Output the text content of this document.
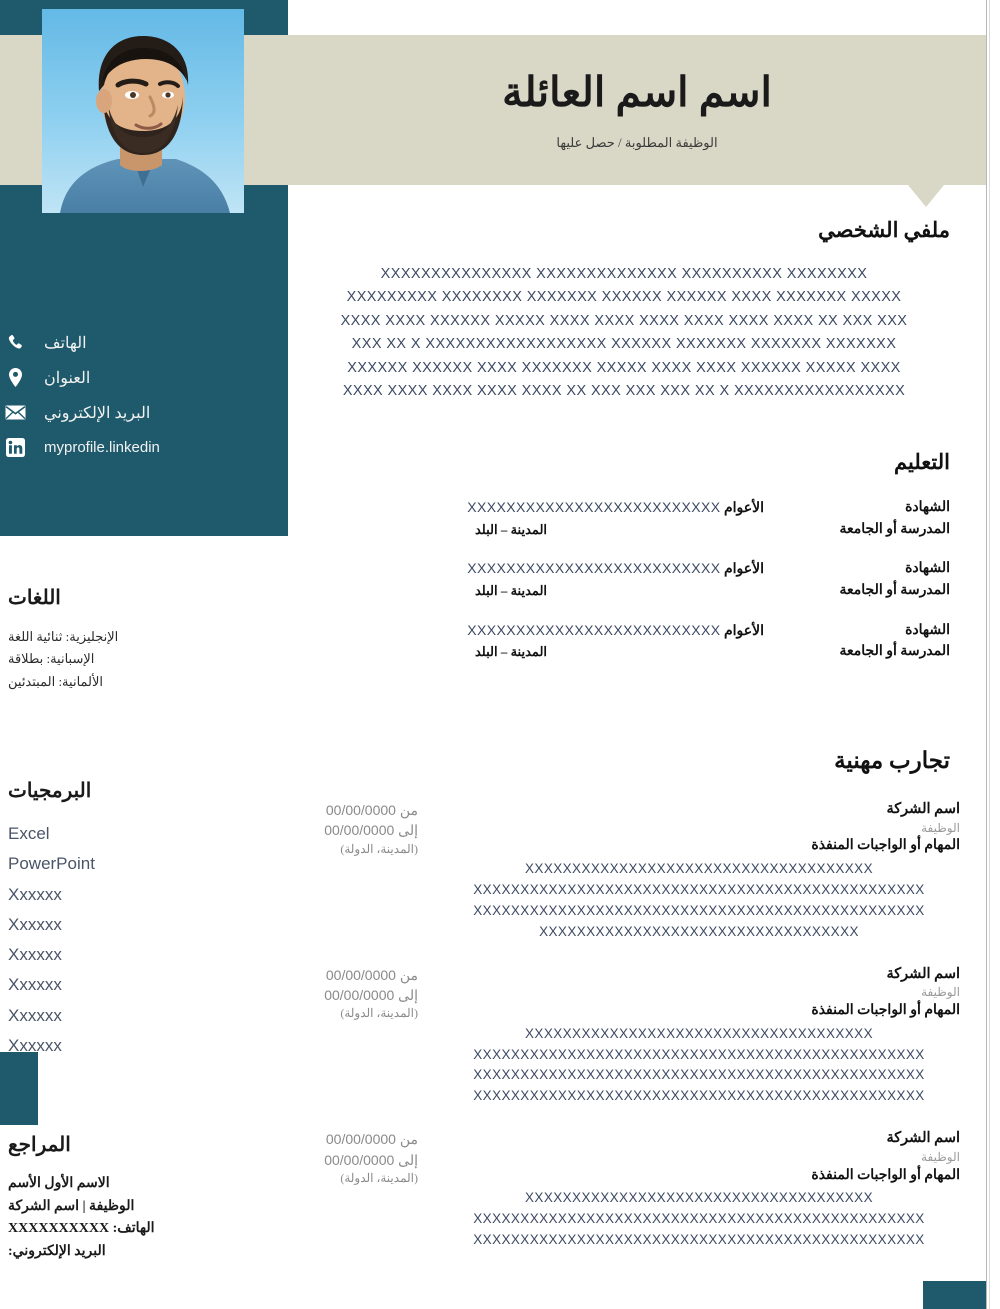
اسم اسم العائلة
الوظيفة المطلوبة / حصل عليها
الهاتف
العنوان
البريد الإلكتروني
myprofile.linkedin
اللغات
الإنجليزية: ثنائية اللغة
الإسبانية: بطلاقة
الألمانية: المبتدئين
البرمجيات
Excel
PowerPoint
Xxxxxx
Xxxxxx
Xxxxxx
Xxxxxx
Xxxxxx
Xxxxxx
المراجع
الاسم الأول الأسم
الوظيفة | اسم الشركة
الهاتف: XXXXXXXXXX
البريد الإلكتروني:
ملفي الشخصي
XXXXXXXXXXXXXXX XXXXXXXXXXXXXX XXXXXXXXXX XXXXXXXX
XXXXXXXXX XXXXXXXX XXXXXXX XXXXXX XXXXXX XXXX XXXXXXX XXXXX
XXXX XXXX XXXXXX XXXXX XXXX XXXX XXXX XXXX XXXX XXXX XX XXX XXX
XXX XX X XXXXXXXXXXXXXXXXXX XXXXXX XXXXXXX XXXXXXX XXXXXXX
XXXXXX XXXXXX XXXX XXXXXXX XXXXX XXXX XXXX XXXXXX XXXXX XXXX
XXXX XXXX XXXX XXXX XXXX XX XXX XXX XXX XX X XXXXXXXXXXXXXXXXX
التعليم
الشهادة
المدرسة أو الجامعة
الأعوام XXXXXXXXXXXXXXXXXXXXXXXXXX
المدينة – البلد
الشهادة
المدرسة أو الجامعة
الأعوام XXXXXXXXXXXXXXXXXXXXXXXXXX
المدينة – البلد
الشهادة
المدرسة أو الجامعة
الأعوام XXXXXXXXXXXXXXXXXXXXXXXXXX
المدينة – البلد
تجارب مهنية
من 00/00/0000
إلى 00/00/0000
(المدينة، الدولة)
اسم الشركة
الوظيفة
المهام أو الواجبات المنفذة
XXXXXXXXXXXXXXXXXXXXXXXXXXXXXXXXXXXXX
XXXXXXXXXXXXXXXXXXXXXXXXXXXXXXXXXXXXXXXXXXXXXXXX
XXXXXXXXXXXXXXXXXXXXXXXXXXXXXXXXXXXXXXXXXXXXXXXX
XXXXXXXXXXXXXXXXXXXXXXXXXXXXXXXXXX
من 00/00/0000
إلى 00/00/0000
(المدينة، الدولة)
اسم الشركة
الوظيفة
المهام أو الواجبات المنفذة
XXXXXXXXXXXXXXXXXXXXXXXXXXXXXXXXXXXXX
XXXXXXXXXXXXXXXXXXXXXXXXXXXXXXXXXXXXXXXXXXXXXXXX
XXXXXXXXXXXXXXXXXXXXXXXXXXXXXXXXXXXXXXXXXXXXXXXX
XXXXXXXXXXXXXXXXXXXXXXXXXXXXXXXXXXXXXXXXXXXXXXXX
من 00/00/0000
إلى 00/00/0000
(المدينة، الدولة)
اسم الشركة
الوظيفة
المهام أو الواجبات المنفذة
XXXXXXXXXXXXXXXXXXXXXXXXXXXXXXXXXXXXX
XXXXXXXXXXXXXXXXXXXXXXXXXXXXXXXXXXXXXXXXXXXXXXXX
XXXXXXXXXXXXXXXXXXXXXXXXXXXXXXXXXXXXXXXXXXXXXXXX
